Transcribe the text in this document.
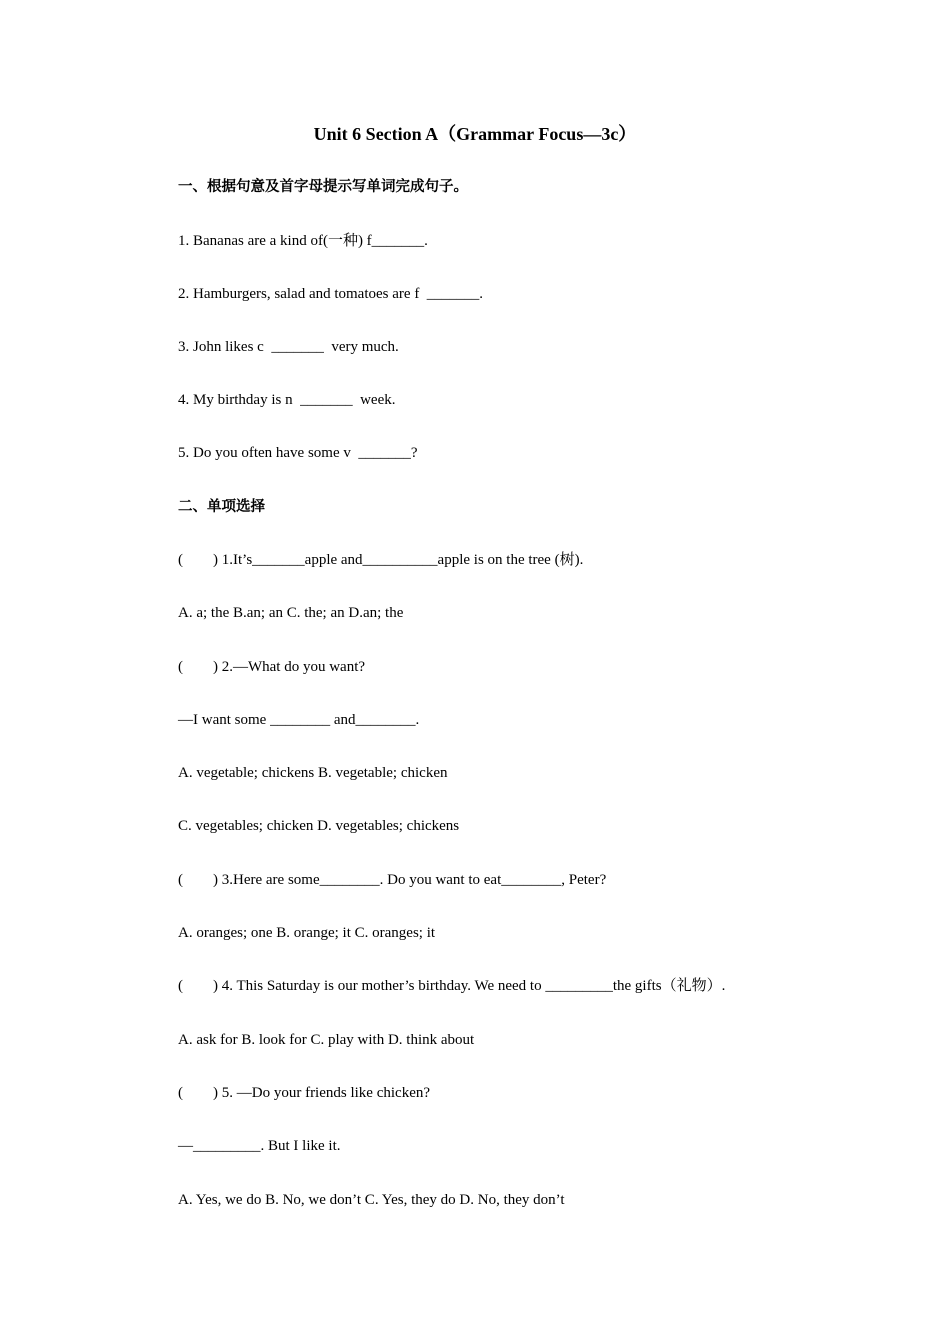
Unit 6 Section A（Grammar Focus—3c）
一、根据句意及首字母提示写单词完成句子。
1. Bananas are a kind of(一种) f_______.
2. Hamburgers, salad and tomatoes are f  _______.
3. John likes c  _______  very much.
4. My birthday is n  _______  week.
5. Do you often have some v  _______?
二、单项选择
(        ) 1.It’s_______apple and__________apple is on the tree (树).
A. a; the B.an; an C. the; an D.an; the
(        ) 2.—What do you want?
—I want some ________ and________.
A. vegetable; chickens B. vegetable; chicken
C. vegetables; chicken D. vegetables; chickens
(        ) 3.Here are some________. Do you want to eat________, Peter?
A. oranges; one B. orange; it C. oranges; it
(        ) 4. This Saturday is our mother’s birthday. We need to _________the gifts（礼物）.
A. ask for B. look for C. play with D. think about
(        ) 5. —Do your friends like chicken?
—_________. But I like it.
A. Yes, we do B. No, we don’t C. Yes, they do D. No, they don’t
